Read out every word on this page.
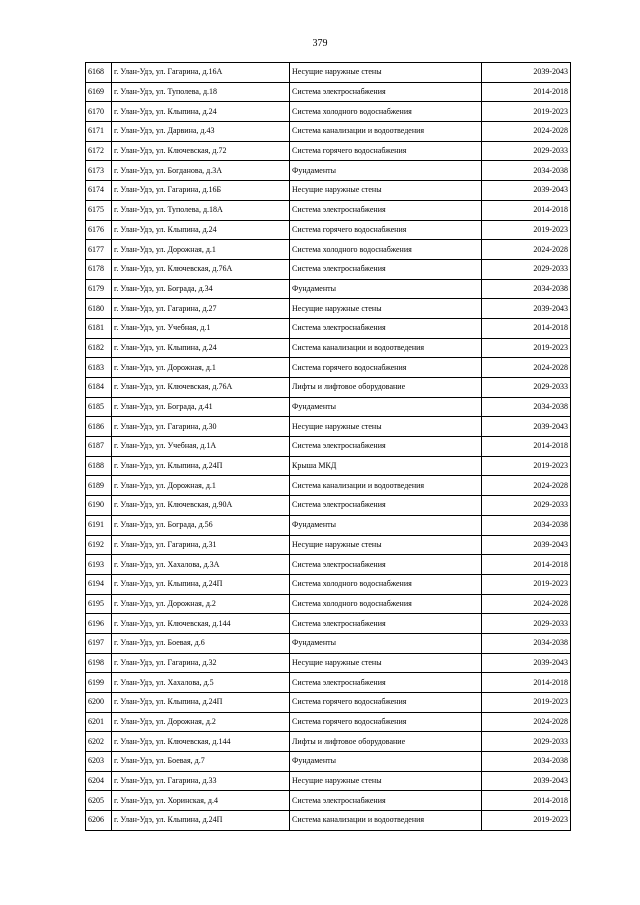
379
6168	г. Улан-Удэ, ул. Гагарина, д.16А	Несущие наружные стены	2039-2043
6169	г. Улан-Удэ, ул. Туполева, д.18	Система электроснабжения	2014-2018
6170	г. Улан-Удэ, ул. Клыпина, д.24	Система холодного водоснабжения	2019-2023
6171	г. Улан-Удэ, ул. Дарвина, д.43	Система канализации и водоотведения	2024-2028
6172	г. Улан-Удэ, ул. Ключевская, д.72	Система горячего водоснабжения	2029-2033
6173	г. Улан-Удэ, ул. Богданова, д.3А	Фундаменты	2034-2038
6174	г. Улан-Удэ, ул. Гагарина, д.16Б	Несущие наружные стены	2039-2043
6175	г. Улан-Удэ, ул. Туполева, д.18А	Система электроснабжения	2014-2018
6176	г. Улан-Удэ, ул. Клыпина, д.24	Система горячего водоснабжения	2019-2023
6177	г. Улан-Удэ, ул. Дорожная, д.1	Система холодного водоснабжения	2024-2028
6178	г. Улан-Удэ, ул. Ключевская, д.76А	Система электроснабжения	2029-2033
6179	г. Улан-Удэ, ул. Бограда, д.34	Фундаменты	2034-2038
6180	г. Улан-Удэ, ул. Гагарина, д.27	Несущие наружные стены	2039-2043
6181	г. Улан-Удэ, ул. Учебная, д.1	Система электроснабжения	2014-2018
6182	г. Улан-Удэ, ул. Клыпина, д.24	Система канализации и водоотведения	2019-2023
6183	г. Улан-Удэ, ул. Дорожная, д.1	Система горячего водоснабжения	2024-2028
6184	г. Улан-Удэ, ул. Ключевская, д.76А	Лифты и лифтовое оборудование	2029-2033
6185	г. Улан-Удэ, ул. Бограда, д.41	Фундаменты	2034-2038
6186	г. Улан-Удэ, ул. Гагарина, д.30	Несущие наружные стены	2039-2043
6187	г. Улан-Удэ, ул. Учебная, д.1А	Система электроснабжения	2014-2018
6188	г. Улан-Удэ, ул. Клыпина, д.24П	Крыша МКД	2019-2023
6189	г. Улан-Удэ, ул. Дорожная, д.1	Система канализации и водоотведения	2024-2028
6190	г. Улан-Удэ, ул. Ключевская, д.90А	Система электроснабжения	2029-2033
6191	г. Улан-Удэ, ул. Бограда, д.56	Фундаменты	2034-2038
6192	г. Улан-Удэ, ул. Гагарина, д.31	Несущие наружные стены	2039-2043
6193	г. Улан-Удэ, ул. Хахалова, д.3А	Система электроснабжения	2014-2018
6194	г. Улан-Удэ, ул. Клыпина, д.24П	Система холодного водоснабжения	2019-2023
6195	г. Улан-Удэ, ул. Дорожная, д.2	Система холодного водоснабжения	2024-2028
6196	г. Улан-Удэ, ул. Ключевская, д.144	Система электроснабжения	2029-2033
6197	г. Улан-Удэ, ул. Боевая, д.6	Фундаменты	2034-2038
6198	г. Улан-Удэ, ул. Гагарина, д.32	Несущие наружные стены	2039-2043
6199	г. Улан-Удэ, ул. Хахалова, д.5	Система электроснабжения	2014-2018
6200	г. Улан-Удэ, ул. Клыпина, д.24П	Система горячего водоснабжения	2019-2023
6201	г. Улан-Удэ, ул. Дорожная, д.2	Система горячего водоснабжения	2024-2028
6202	г. Улан-Удэ, ул. Ключевская, д.144	Лифты и лифтовое оборудование	2029-2033
6203	г. Улан-Удэ, ул. Боевая, д.7	Фундаменты	2034-2038
6204	г. Улан-Удэ, ул. Гагарина, д.33	Несущие наружные стены	2039-2043
6205	г. Улан-Удэ, ул. Хоринская, д.4	Система электроснабжения	2014-2018
6206	г. Улан-Удэ, ул. Клыпина, д.24П	Система канализации и водоотведения	2019-2023
